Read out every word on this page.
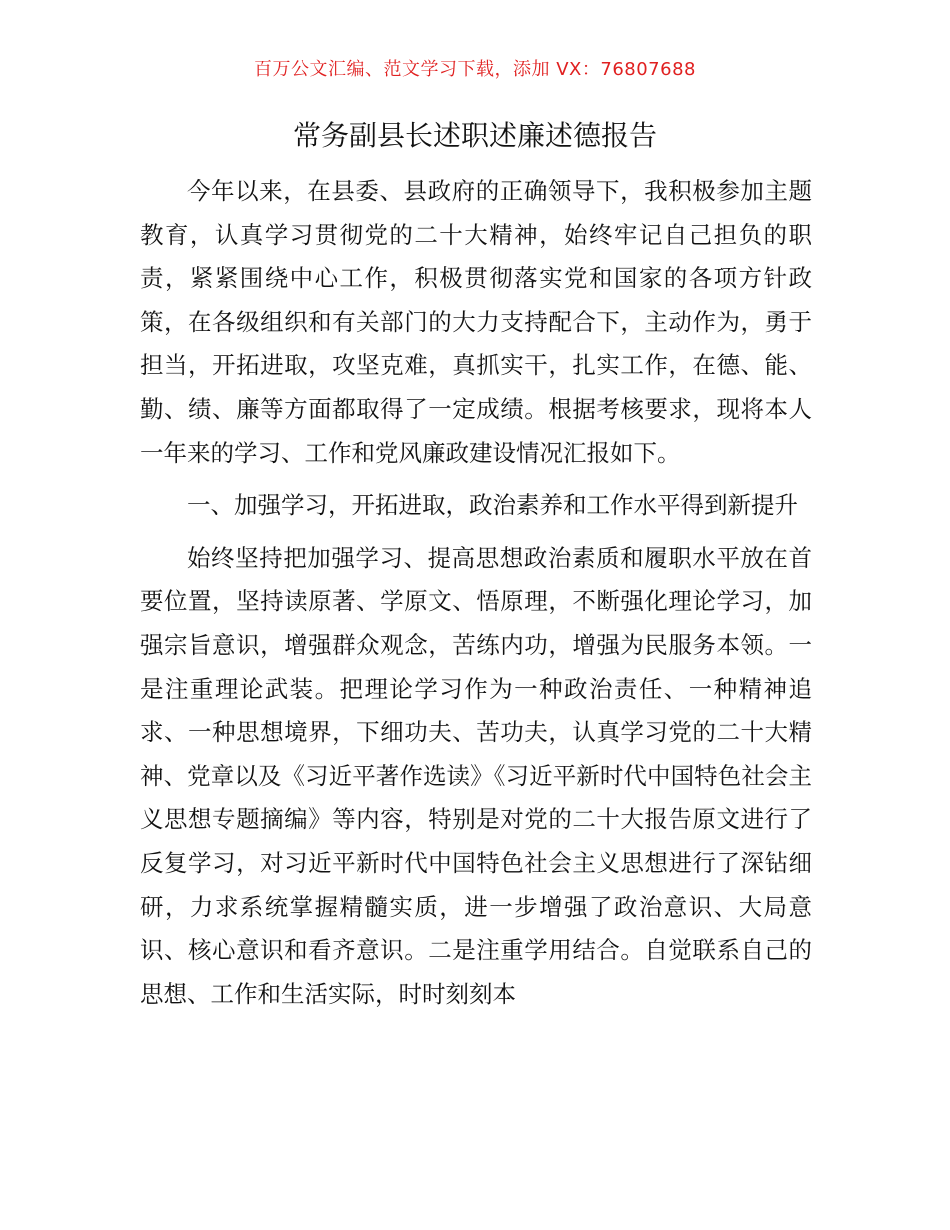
百万公文汇编、范文学习下载，添加 VX：76807688
常务副县长述职述廉述德报告

今年以来，在县委、县政府的正确领导下，我积极参加主题教育，认真学习贯彻党的二十大精神，始终牢记自己担负的职责，紧紧围绕中心工作，积极贯彻落实党和国家的各项方针政策，在各级组织和有关部门的大力支持配合下，主动作为，勇于担当，开拓进取，攻坚克难，真抓实干，扎实工作，在德、能、勤、绩、廉等方面都取得了一定成绩。根据考核要求，现将本人一年来的学习、工作和党风廉政建设情况汇报如下。

一、加强学习，开拓进取，政治素养和工作水平得到新提升

始终坚持把加强学习、提高思想政治素质和履职水平放在首要位置，坚持读原著、学原文、悟原理，不断强化理论学习，加强宗旨意识，增强群众观念，苦练内功，增强为民服务本领。一是注重理论武装。把理论学习作为一种政治责任、一种精神追求、一种思想境界，下细功夫、苦功夫，认真学习党的二十大精神、党章以及《习近平著作选读》《习近平新时代中国特色社会主义思想专题摘编》等内容，特别是对党的二十大报告原文进行了反复学习，对习近平新时代中国特色社会主义思想进行了深钻细研，力求系统掌握精髓实质，进一步增强了政治意识、大局意识、核心意识和看齐意识。二是注重学用结合。自觉联系自己的思想、工作和生活实际，时时刻刻本
